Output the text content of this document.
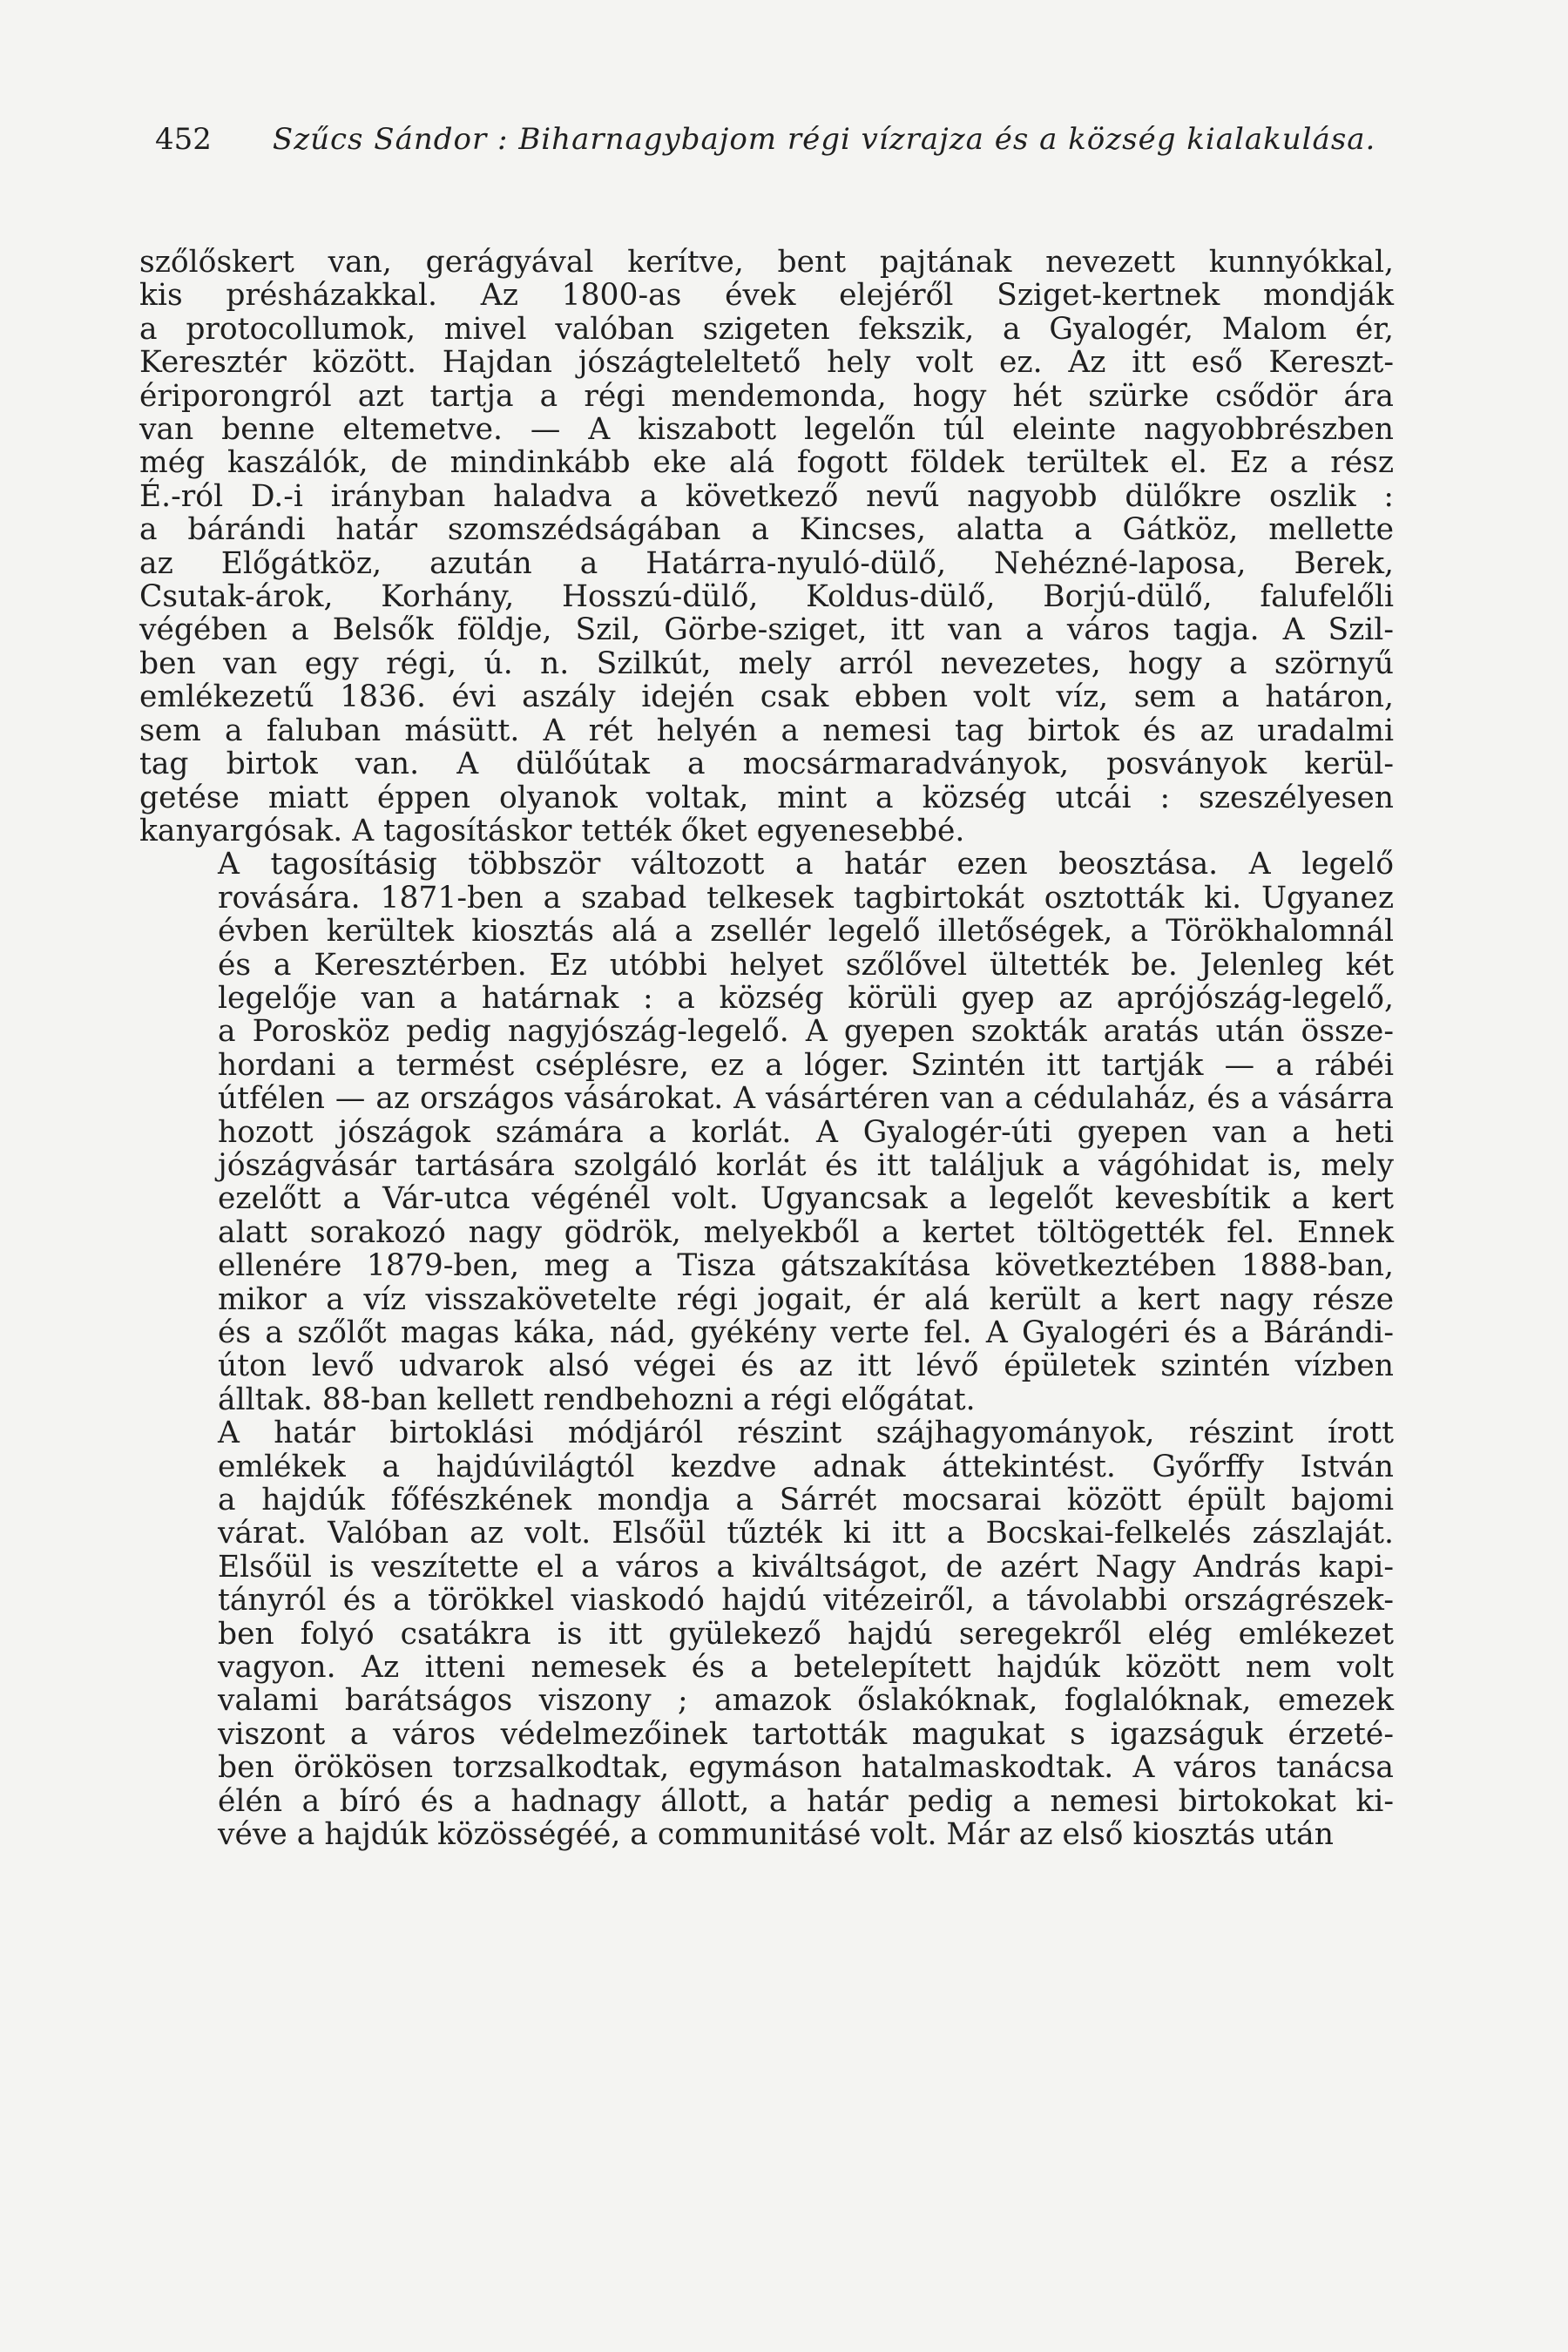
452 Szűcs Sándor : Biharnagybajom régi vízrajza és a község kialakulása.

szőlőskert van, gerágyával kerítve, bent pajtának nevezett kunnyókkal,
kis présházakkal. Az 1800-as évek elejéről Sziget-kertnek mondják
a protocollumok, mivel valóban szigeten fekszik, a Gyalogér, Malom ér,
Keresztér között. Hajdan jószágteleltető hely volt ez. Az itt eső Kereszt-
ériporongról azt tartja a régi mendemonda, hogy hét szürke csődör ára
van benne eltemetve. — A kiszabott legelőn túl eleinte nagyobbrészben
még kaszálók, de mindinkább eke alá fogott földek terültek el. Ez a rész
É.-ról D.-i irányban haladva a következő nevű nagyobb dülőkre oszlik :
a bárándi határ szomszédságában a Kincses, alatta a Gátköz, mellette
az Előgátköz, azután a Határra-nyuló-dülő, Nehézné-laposa, Berek,
Csutak-árok, Korhány, Hosszú-dülő, Koldus-dülő, Borjú-dülő, falufelőli
végében a Belsők földje, Szil, Görbe-sziget, itt van a város tagja. A Szil-
ben van egy régi, ú. n. Szilkút, mely arról nevezetes, hogy a szörnyű
emlékezetű 1836. évi aszály idején csak ebben volt víz, sem a határon,
sem a faluban másütt. A rét helyén a nemesi tag birtok és az uradalmi
tag birtok van. A dülőútak a mocsármaradványok, posványok kerül-
getése miatt éppen olyanok voltak, mint a község utcái : szeszélyesen
kanyargósak. A tagosításkor tették őket egyenesebbé.

A tagosításig többször változott a határ ezen beosztása. A legelő
rovására. 1871-ben a szabad telkesek tagbirtokát osztották ki. Ugyanez
évben kerültek kiosztás alá a zsellér legelő illetőségek, a Törökhalomnál
és a Keresztérben. Ez utóbbi helyet szőlővel ültették be. Jelenleg két
legelője van a határnak : a község körüli gyep az aprójószág-legelő,
a Porosköz pedig nagyjószág-legelő. A gyepen szokták aratás után össze-
hordani a termést cséplésre, ez a lóger. Szintén itt tartják — a rábéi
útfélen — az országos vásárokat. A vásártéren van a cédulaház, és a vásárra
hozott jószágok számára a korlát. A Gyalogér-úti gyepen van a heti
jószágvásár tartására szolgáló korlát és itt találjuk a vágóhidat is, mely
ezelőtt a Vár-utca végénél volt. Ugyancsak a legelőt kevesbítik a kert
alatt sorakozó nagy gödrök, melyekből a kertet töltögették fel. Ennek
ellenére 1879-ben, meg a Tisza gátszakítása következtében 1888-ban,
mikor a víz visszakövetelte régi jogait, ér alá került a kert nagy része
és a szőlőt magas káka, nád, gyékény verte fel. A Gyalogéri és a Bárándi-
úton levő udvarok alsó végei és az itt lévő épületek szintén vízben
álltak. 88-ban kellett rendbehozni a régi előgátat.

A határ birtoklási módjáról részint szájhagyományok, részint írott
emlékek a hajdúvilágtól kezdve adnak áttekintést. Győrffy István
a hajdúk főfészkének mondja a Sárrét mocsarai között épült bajomi
várat. Valóban az volt. Elsőül tűzték ki itt a Bocskai-felkelés zászlaját.
Elsőül is veszítette el a város a kiváltságot, de azért Nagy András kapi-
tányról és a törökkel viaskodó hajdú vitézeiről, a távolabbi országrészek-
ben folyó csatákra is itt gyülekező hajdú seregekről elég emlékezet
vagyon. Az itteni nemesek és a betelepített hajdúk között nem volt
valami barátságos viszony ; amazok őslakóknak, foglalóknak, emezek
viszont a város védelmezőinek tartották magukat s igazságuk érzeté-
ben örökösen torzsalkodtak, egymáson hatalmaskodtak. A város tanácsa
élén a bíró és a hadnagy állott, a határ pedig a nemesi birtokokat ki-
véve a hajdúk közösségéé, a communitásé volt. Már az első kiosztás után
